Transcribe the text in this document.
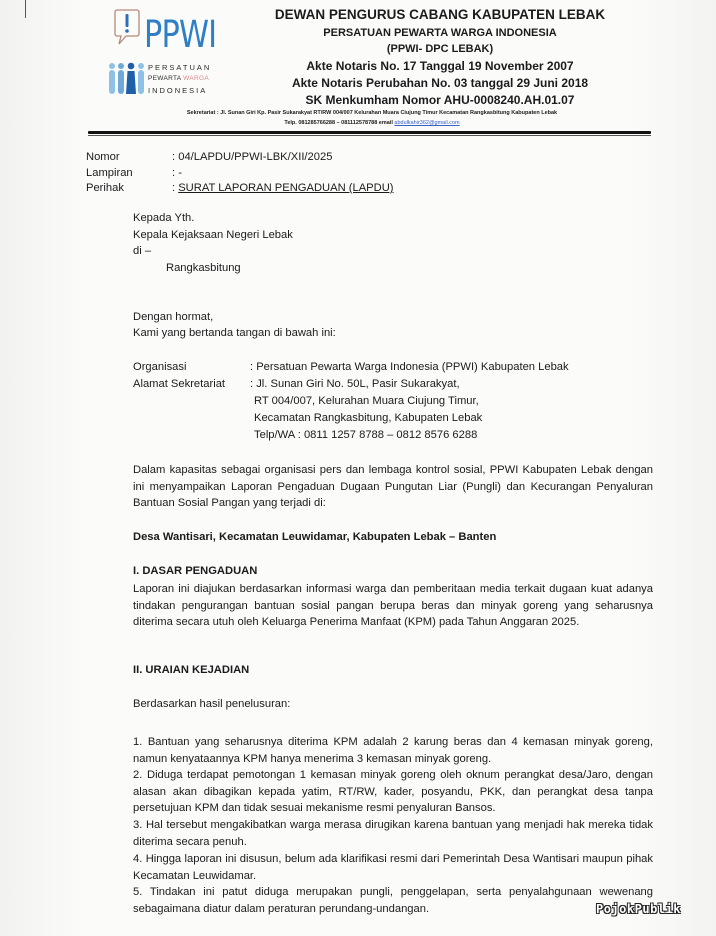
PPWI
PERSATUAN
PEWARTA WARGA
INDONESIA
DEWAN PENGURUS CABANG KABUPATEN LEBAK
PERSATUAN PEWARTA WARGA INDONESIA
(PPWI- DPC LEBAK)
Akte Notaris No. 17 Tanggal 19 November 2007
Akte Notaris Perubahan No. 03 tanggal 29 Juni 2018
SK Menkumham Nomor AHU-0008240.AH.01.07
Sekretariat : Jl. Sunan Giri Kp. Pasir Sukarakyat RT/RW 004/007 Kelurahan Muara Ciujung Timur Kecamatan Rangkasbitung Kabupaten Lebak
Telp. 081285766288 – 081112578788 email abdulkahir362@gmail.com
Nomor	: 04/LAPDU/PPWI-LBK/XII/2025
Lampiran	: -
Perihak	: SURAT LAPORAN PENGADUAN (LAPDU)
Kepada Yth.
Kepala Kejaksaan Negeri Lebak
di –
Rangkasbitung
Dengan hormat,
Kami yang bertanda tangan di bawah ini:
Organisasi	: Persatuan Pewarta Warga Indonesia (PPWI) Kabupaten Lebak
Alamat Sekretariat : Jl. Sunan Giri No. 50L, Pasir Sukarakyat,
RT 004/007, Kelurahan Muara Ciujung Timur,
Kecamatan Rangkasbitung, Kabupaten Lebak
Telp/WA : 0811 1257 8788 – 0812 8576 6288
Dalam kapasitas sebagai organisasi pers dan lembaga kontrol sosial, PPWI Kabupaten Lebak dengan ini menyampaikan Laporan Pengaduan Dugaan Pungutan Liar (Pungli) dan Kecurangan Penyaluran Bantuan Sosial Pangan yang terjadi di:
Desa Wantisari, Kecamatan Leuwidamar, Kabupaten Lebak – Banten
I. DASAR PENGADUAN
Laporan ini diajukan berdasarkan informasi warga dan pemberitaan media terkait dugaan kuat adanya tindakan pengurangan bantuan sosial pangan berupa beras dan minyak goreng yang seharusnya diterima secara utuh oleh Keluarga Penerima Manfaat (KPM) pada Tahun Anggaran 2025.
II. URAIAN KEJADIAN
Berdasarkan hasil penelusuran:
1. Bantuan yang seharusnya diterima KPM adalah 2 karung beras dan 4 kemasan minyak goreng, namun kenyataannya KPM hanya menerima 3 kemasan minyak goreng.
2. Diduga terdapat pemotongan 1 kemasan minyak goreng oleh oknum perangkat desa/Jaro, dengan alasan akan dibagikan kepada yatim, RT/RW, kader, posyandu, PKK, dan perangkat desa tanpa persetujuan KPM dan tidak sesuai mekanisme resmi penyaluran Bansos.
3. Hal tersebut mengakibatkan warga merasa dirugikan karena bantuan yang menjadi hak mereka tidak diterima secara penuh.
4. Hingga laporan ini disusun, belum ada klarifikasi resmi dari Pemerintah Desa Wantisari maupun pihak Kecamatan Leuwidamar.
5. Tindakan ini patut diduga merupakan pungli, penggelapan, serta penyalahgunaan wewenang sebagaimana diatur dalam peraturan perundang-undangan.	PojokPublik
